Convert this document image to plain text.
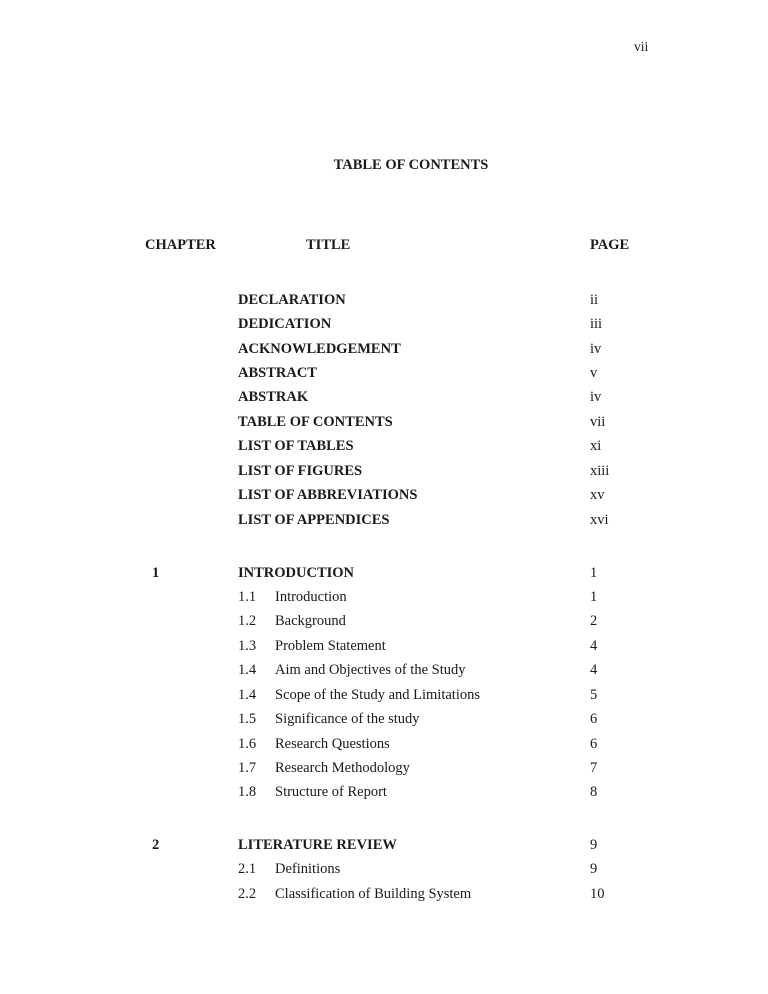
vii
TABLE OF CONTENTS
CHAPTER	TITLE	PAGE
DECLARATION	ii
DEDICATION	iii
ACKNOWLEDGEMENT	iv
ABSTRACT	v
ABSTRAK	iv
TABLE OF CONTENTS	vii
LIST OF TABLES	xi
LIST OF FIGURES	xiii
LIST OF ABBREVIATIONS	xv
LIST OF APPENDICES	xvi
1	INTRODUCTION	1
1.1 Introduction	1
1.2 Background	2
1.3 Problem Statement	4
1.4 Aim and Objectives of the Study	4
1.4 Scope of the Study and Limitations	5
1.5 Significance of the study	6
1.6 Research Questions	6
1.7 Research Methodology	7
1.8 Structure of Report	8
2	LITERATURE REVIEW	9
2.1 Definitions	9
2.2 Classification of Building System	10
